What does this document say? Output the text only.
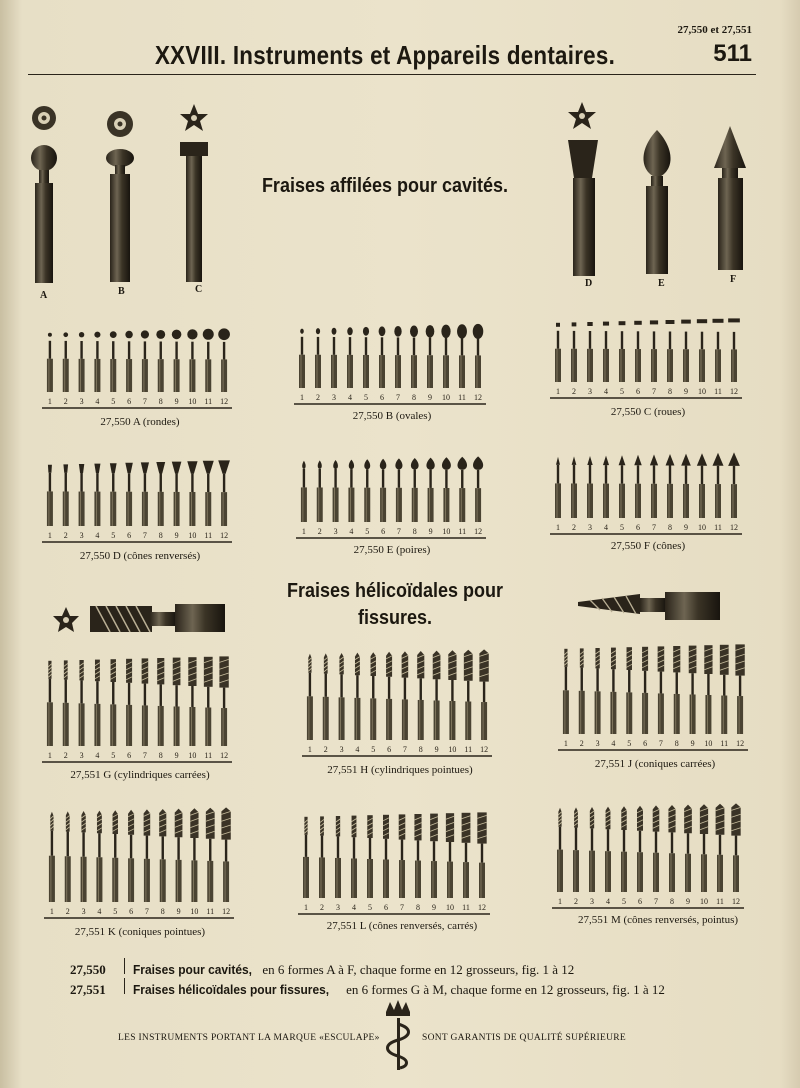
XXVIII. Instruments et Appareils dentaires.
27,550 et 27,551
511
Fraises affilées pour cavités.
Fraises hélicoïdales pour
fissures.
1 2 3 4 5 6 7 8 9 10 11 12	1 2 3 4 5 6 7 8 9 10 11 12
1 2 3 4 5 6 7 8 9 10 11 12
1 2 3 4 5 6 7 8 9 10 11 12	1 2 3 4 5 6 7 8 9 10 11 12	1 2 3 4 5 6 7 8 9 10 11 12
1 2 3 4 5 6 7 8 9 10 11 12
1 2 3 4 5 6 7 8 9 10 11 12
1 2 3 4 5 6 7 8 9 10 11 12
1 2 3 4 5 6 7 8 9 10 11 12	1 2 3 4 5 6 7 8 9 10 11 12
1 2 3 4 5 6 7 8 9 10 11 12
A	B	C
D	E	F
27,550 A (rondes)	27,550 B (ovales)	27,550 C (roues)
27,550 D (cônes renversés)	27,550 E (poires)	27,550 F (cônes)
27,551 G (cylindriques carrées)	27,551 H (cylindriques pointues)	27,551 J (coniques carrées)
27,551 K (coniques pointues)	27,551 L (cônes renversés, carrés)	27,551 M (cônes renversés, pointus)
27,550	Fraises pour cavités, en 6 formes A à F, chaque forme en 12 grosseurs, fig. 1 à 12
27,551	Fraises hélicoïdales pour fissures, en 6 formes G à M, chaque forme en 12 grosseurs, fig. 1 à 12
LES INSTRUMENTS PORTANT LA MARQUE «ESCULAPE»	SONT GARANTIS DE QUALITÉ SUPÉRIEURE
